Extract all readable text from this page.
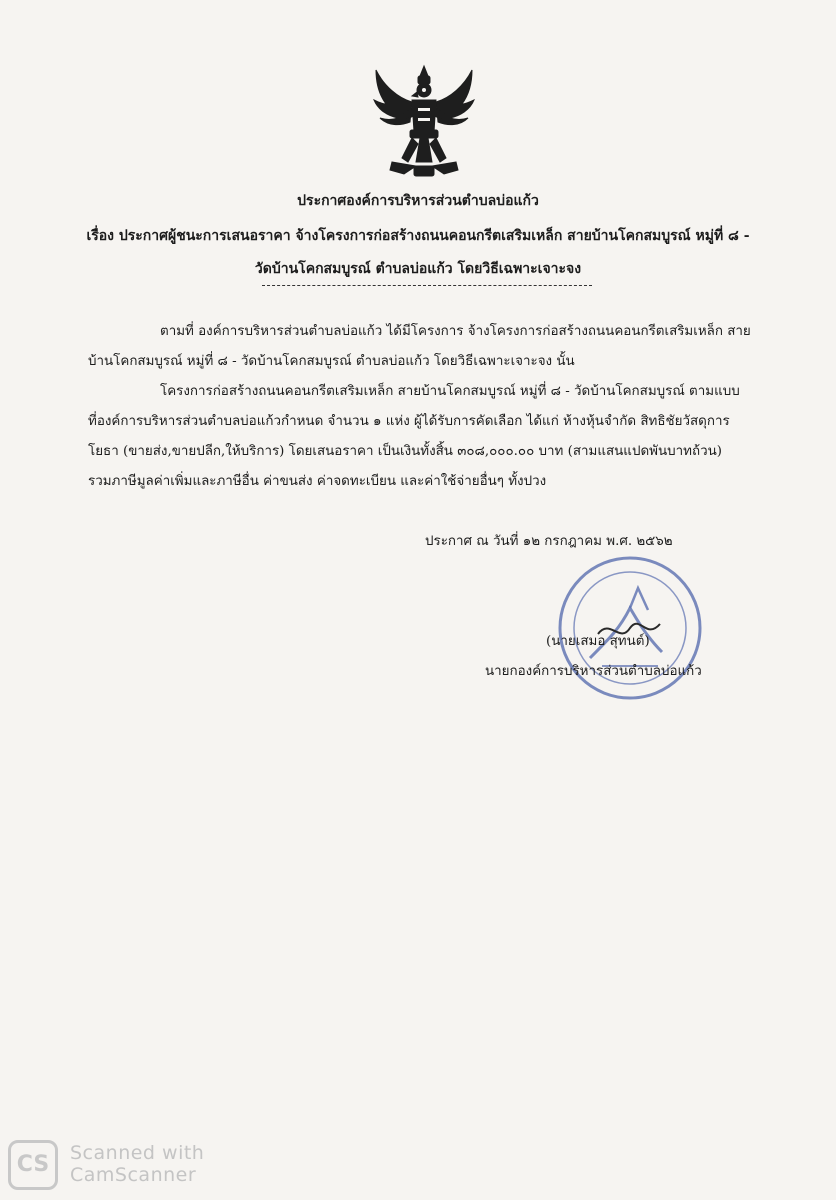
ประกาศองค์การบริหารส่วนตำบลบ่อแก้ว
เรื่อง ประกาศผู้ชนะการเสนอราคา จ้างโครงการก่อสร้างถนนคอนกรีตเสริมเหล็ก สายบ้านโคกสมบูรณ์ หมู่ที่ ๘ -
วัดบ้านโคกสมบูรณ์ ตำบลบ่อแก้ว โดยวิธีเฉพาะเจาะจง
ตามที่ องค์การบริหารส่วนตำบลบ่อแก้ว ได้มีโครงการ จ้างโครงการก่อสร้างถนนคอนกรีตเสริมเหล็ก สาย
บ้านโคกสมบูรณ์ หมู่ที่ ๘ - วัดบ้านโคกสมบูรณ์ ตำบลบ่อแก้ว โดยวิธีเฉพาะเจาะจง นั้น
โครงการก่อสร้างถนนคอนกรีตเสริมเหล็ก สายบ้านโคกสมบูรณ์ หมู่ที่ ๘ - วัดบ้านโคกสมบูรณ์ ตามแบบ
ที่องค์การบริหารส่วนตำบลบ่อแก้วกำหนด จำนวน ๑ แห่ง ผู้ได้รับการคัดเลือก ได้แก่ ห้างหุ้นจำกัด สิทธิชัยวัสดุการ
โยธา (ขายส่ง,ขายปลีก,ให้บริการ) โดยเสนอราคา เป็นเงินทั้งสิ้น ๓๐๘,๐๐๐.๐๐ บาท (สามแสนแปดพันบาทถ้วน)
รวมภาษีมูลค่าเพิ่มและภาษีอื่น ค่าขนส่ง ค่าจดทะเบียน และค่าใช้จ่ายอื่นๆ ทั้งปวง
ประกาศ ณ วันที่ ๑๒ กรกฎาคม พ.ศ. ๒๕๖๒
(นายเสมอ สุทนต์)
นายกองค์การบริหารส่วนตำบลบ่อแก้ว
CS	Scanned with
CamScanner
